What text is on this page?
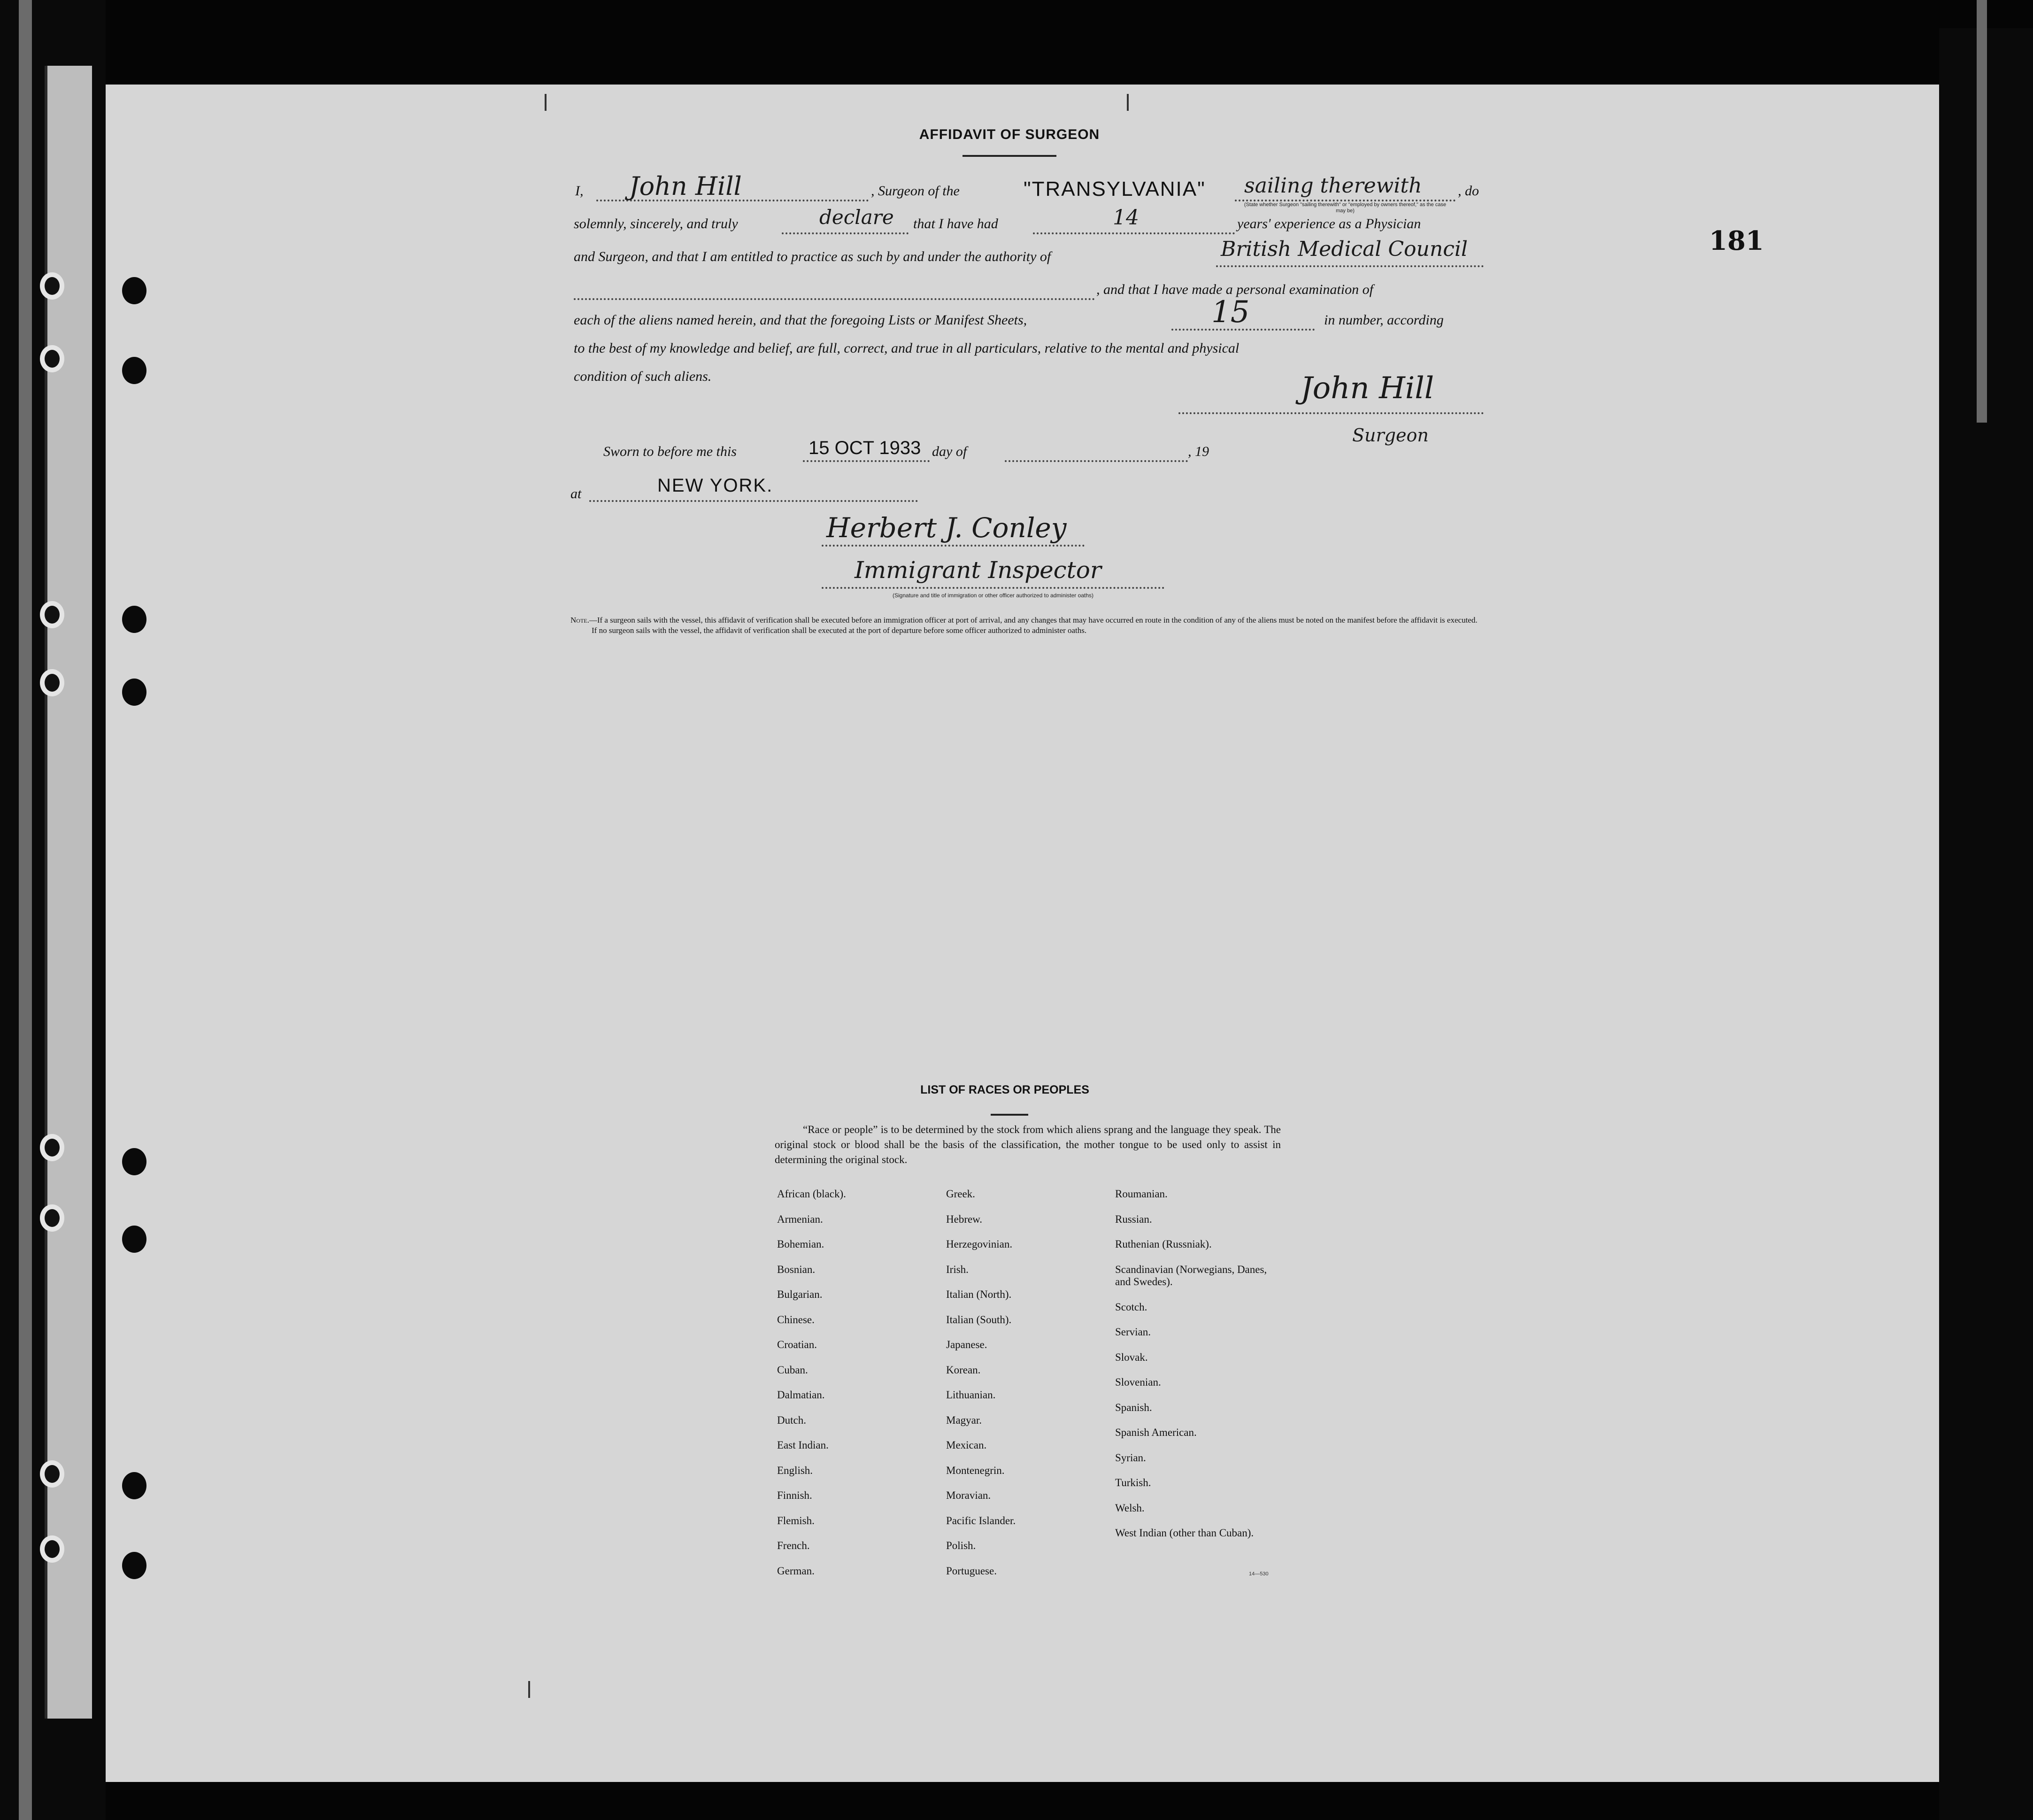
181
AFFIDAVIT OF SURGEON
I, John Hill	, Surgeon of the	"TRANSYLVANIA" sailing therewith	, do
(State whether Surgeon "sailing therewith" or "employed by owners thereof," as the case may be)
solemnly, sincerely, and truly	declare that I have had	14	years' experience as a Physician
and Surgeon, and that I am entitled to practice as such by and under the authority of	British Medical Council
, and that I have made a personal examination of
each of the aliens named herein, and that the foregoing Lists or Manifest Sheets,	15	in number, according
to the best of my knowledge and belief, are full, correct, and true in all particulars, relative to the mental and physical
condition of such aliens.	John Hill
Surgeon
Sworn to before me this	15 OCT 1933 day of	, 19
at	NEW YORK.
Herbert J. Conley
Immigrant Inspector
(Signature and title of immigration or other officer authorized to administer oaths)
Note.—If a surgeon sails with the vessel, this affidavit of verification shall be executed before an immigration officer at port of arrival, and any changes that may have occurred en route in the condition of any of the aliens must be noted on the manifest before the affidavit is executed.
If no surgeon sails with the vessel, the affidavit of verification shall be executed at the port of departure before some officer authorized to administer oaths.
LIST OF RACES OR PEOPLES
“Race or people” is to be determined by the stock from which aliens sprang and the language they speak. The original stock or blood shall be the basis of the classification, the mother tongue to be used only to assist in determining the original stock.
African (black).
Armenian.
Bohemian.
Bosnian.
Bulgarian.
Chinese.
Croatian.
Cuban.
Dalmatian.
Dutch.
East Indian.
English.
Finnish.
Flemish.
French.
German.
Greek.
Hebrew.
Herzegovinian.
Irish.
Italian (North).
Italian (South).
Japanese.
Korean.
Lithuanian.
Magyar.
Mexican.
Montenegrin.
Moravian.
Pacific Islander.
Polish.
Portuguese.
Roumanian.
Russian.
Ruthenian (Russniak).
Scandinavian (Norwegians, Danes, and Swedes).
Scotch.
Servian.
Slovak.
Slovenian.
Spanish.
Spanish American.
Syrian.
Turkish.
Welsh.
West Indian (other than Cuban).
14—530
